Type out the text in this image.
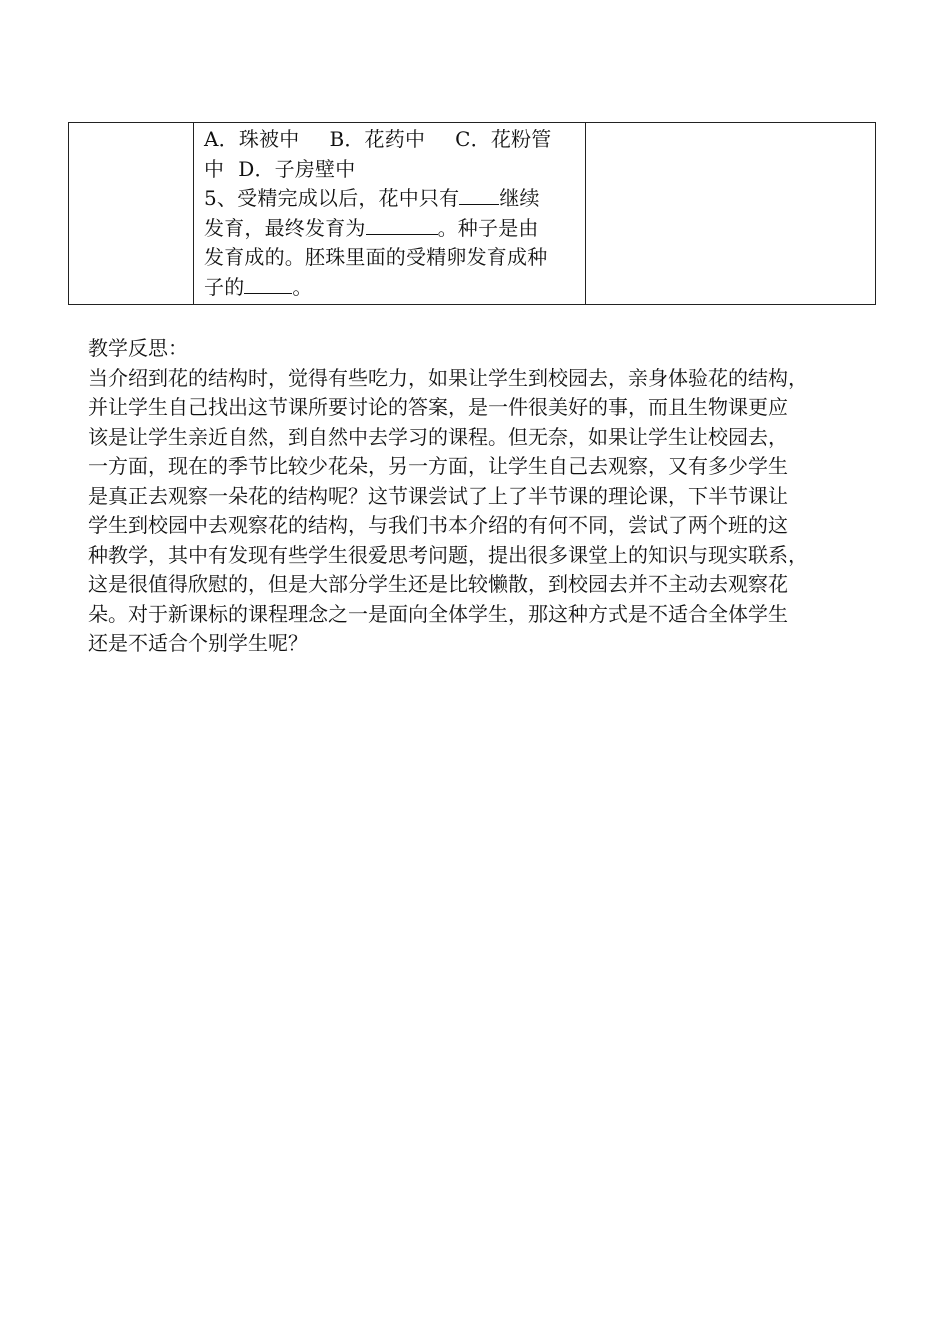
A．珠被中 B．花药中 C．花粉管
中 D．子房壁中
5、受精完成以后，花中只有 继续
发育，最终发育为	。种子是由
发育成的。胚珠里面的受精卵发育成种
子的 。

教学反思：
当介绍到花的结构时，觉得有些吃力，如果让学生到校园去，亲身体验花的结构，
并让学生自己找出这节课所要讨论的答案，是一件很美好的事，而且生物课更应
该是让学生亲近自然，到自然中去学习的课程。但无奈，如果让学生让校园去，
一方面，现在的季节比较少花朵，另一方面，让学生自己去观察，又有多少学生
是真正去观察一朵花的结构呢？这节课尝试了上了半节课的理论课，下半节课让
学生到校园中去观察花的结构，与我们书本介绍的有何不同，尝试了两个班的这
种教学，其中有发现有些学生很爱思考问题，提出很多课堂上的知识与现实联系，
这是很值得欣慰的，但是大部分学生还是比较懒散，到校园去并不主动去观察花
朵。对于新课标的课程理念之一是面向全体学生，那这种方式是不适合全体学生
还是不适合个别学生呢？
